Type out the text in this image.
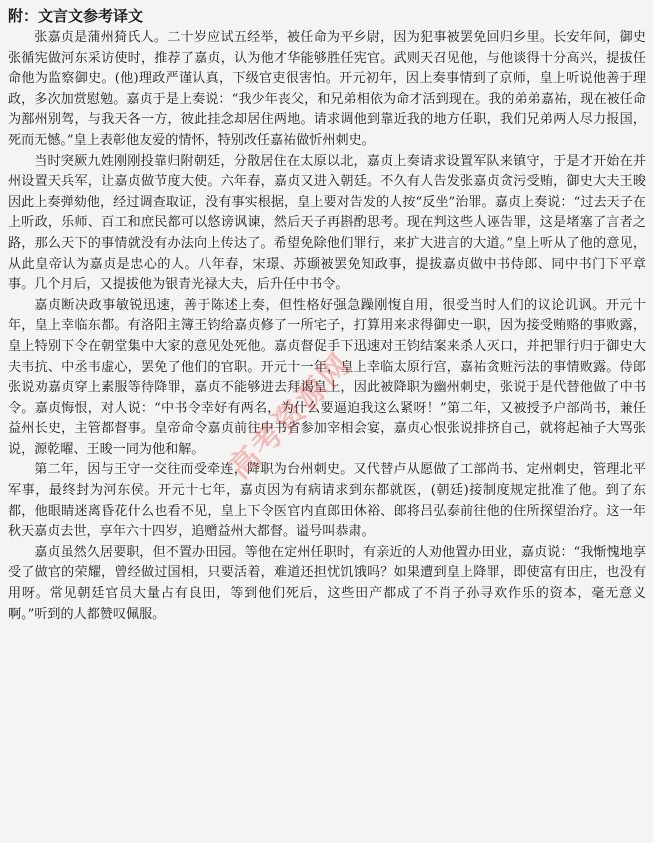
附：文言文参考译文

张嘉贞是蒲州猗氏人。二十岁应试五经举，被任命为平乡尉，因为犯事被罢免回归乡里。长安年间，御史张循宪做河东采访使时，推荐了嘉贞，认为他才华能够胜任宪官。武则天召见他，与他谈得十分高兴，提拔任命他为监察御史。(他)理政严谨认真，下级官吏很害怕。开元初年，因上奏事情到了京师，皇上听说他善于理政，多次加赏慰勉。嘉贞于是上奏说：“我少年丧父，和兄弟相依为命才活到现在。我的弟弟嘉祐，现在被任命为鄯州别驾，与我天各一方，彼此挂念却居住两地。请求调他到靠近我的地方任职，我们兄弟两人尽力报国，死而无憾。”皇上表彰他友爱的情怀，特别改任嘉祐做忻州刺史。

当时突厥九姓刚刚投靠归附朝廷，分散居住在太原以北，嘉贞上奏请求设置军队来镇守，于是才开始在并州设置天兵军，让嘉贞做节度大使。六年春，嘉贞又进入朝廷。不久有人告发张嘉贞贪污受贿，御史大夫王晙因此上奏弹劾他，经过调查取证，没有事实根据，皇上要对告发的人按“反坐”治罪。嘉贞上奏说：“过去天子在上听政，乐师、百工和庶民都可以悠谤讽谏，然后天子再斟酌思考。现在判这些人诬告罪，这是堵塞了言者之路，那么天下的事情就没有办法向上传达了。希望免除他们罪行，来扩大进言的大道。”皇上听从了他的意见，从此皇帝认为嘉贞是忠心的人。八年春，宋璟、苏颋被罢免知政事，提拔嘉贞做中书侍郎、同中书门下平章事。几个月后，又提拔他为银青光禄大夫，后升任中书令。

嘉贞断决政事敏锐迅速，善于陈述上奏，但性格好强急躁刚愎自用，很受当时人们的议论讥讽。开元十年，皇上幸临东都。有洛阳主簿王钧给嘉贞修了一所宅子，打算用来求得御史一职，因为接受贿赂的事败露，皇上特别下令在朝堂集中大家的意见处死他。嘉贞督促手下迅速对王钧结案来杀人灭口，并把罪行归于御史大夫韦抗、中丞韦虚心，罢免了他们的官职。开元十一年，皇上幸临太原行宫，嘉祐贪赃污法的事情败露。侍郎张说劝嘉贞穿上素服等待降罪，嘉贞不能够进去拜谒皇上，因此被降职为幽州刺史，张说于是代替他做了中书令。嘉贞悔恨，对人说：“中书令幸好有两名，为什么要逼迫我这么紧呀！”第二年，又被授予户部尚书，兼任益州长史，主管都督事。皇帝命令嘉贞前往中书省参加宰相会宴，嘉贞心恨张说排挤自己，就将起袖子大骂张说，源乾曜、王晙一同为他和解。

第二年，因与王守一交往而受牵连，降职为台州刺史。又代替卢从愿做了工部尚书、定州刺史，管理北平军事，最终封为河东侯。开元十七年，嘉贞因为有病请求到东都就医，(朝廷)接制度规定批准了他。到了东都，他眼睛迷离昏花什么也看不见，皇上下令医官内直郎田休裕、郎将吕弘泰前往他的住所探望治疗。这一年秋天嘉贞去世，享年六十四岁，追赠益州大都督。谥号叫恭肃。

嘉贞虽然久居要职，但不置办田园。等他在定州任职时，有亲近的人劝他置办田业，嘉贞说：“我惭愧地享受了做官的荣耀，曾经做过国相，只要活着，难道还担忧饥饿吗？如果遭到皇上降罪，即使富有田庄，也没有用呀。常见朝廷官员大量占有良田，等到他们死后，这些田产都成了不肖子孙寻欢作乐的资本，毫无意义啊。”听到的人都赞叹佩服。

高考资源网
